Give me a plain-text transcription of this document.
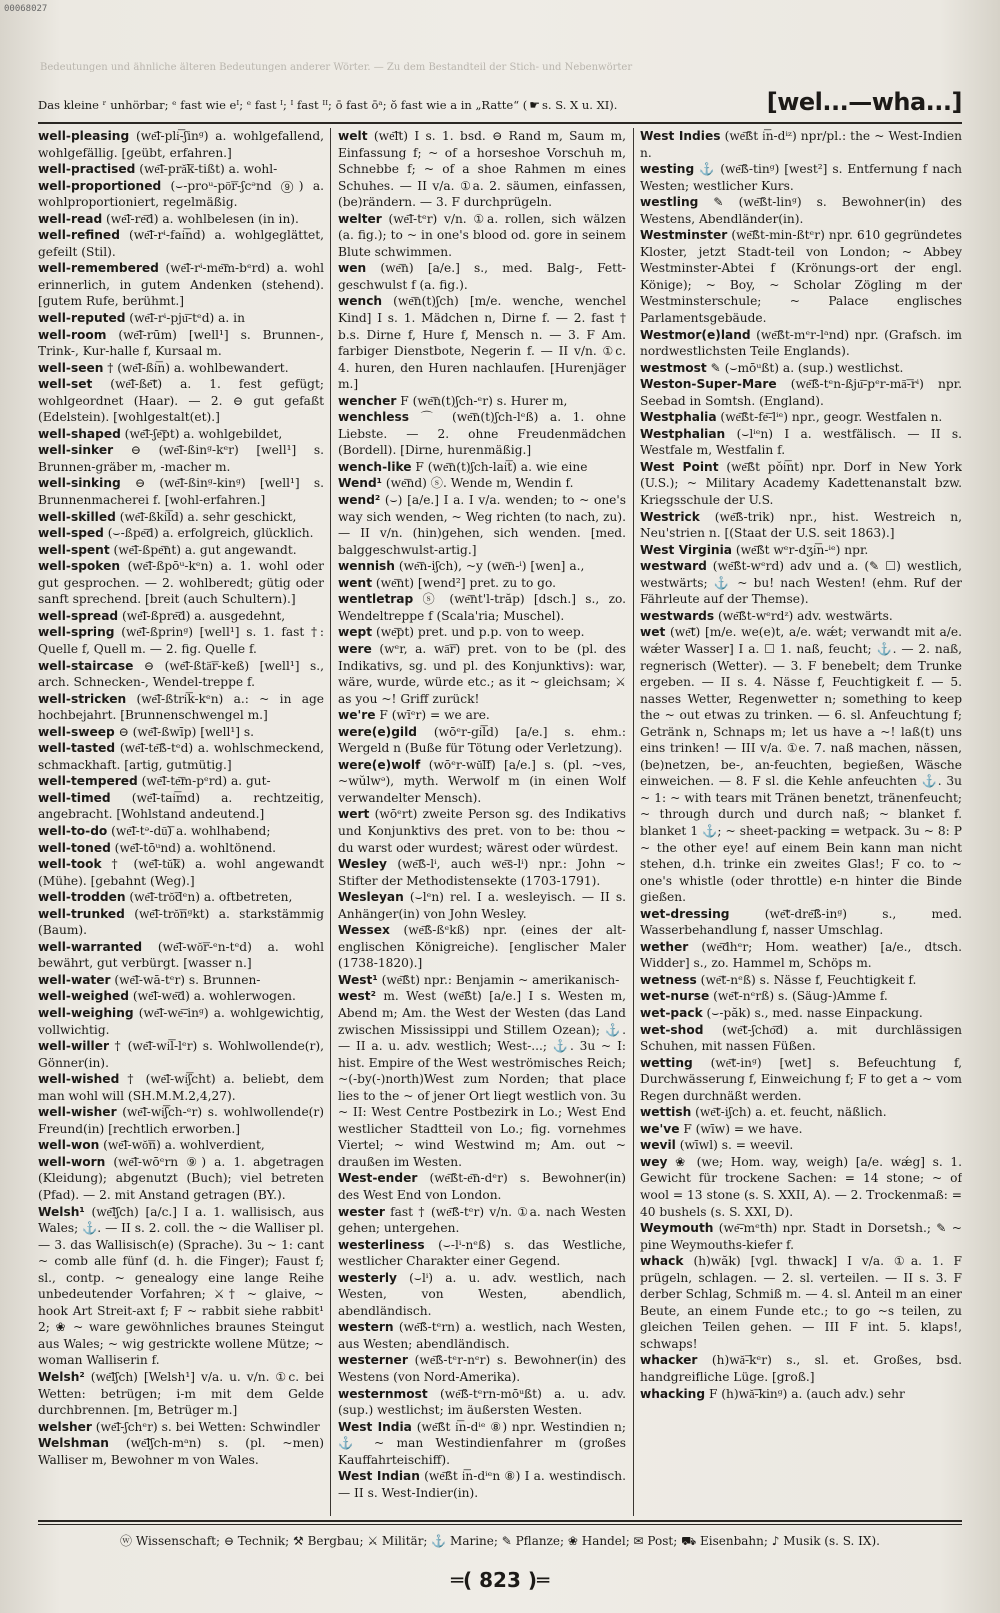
00068027
Bedeutungen und ähnliche älteren Bedeutungen anderer Wörter. — Zu dem Bestandteil der Stich- und Nebenwörter
Das kleine ʳ unhörbar; ᵉ fast wie eᴵ; ᵉ fast ᴵ; ᴵ fast ᴵᴵ; ō fast ōᵃ; ŏ fast wie a in „Ratte“ ( ☛ s. S. X u. XI).	[wel...—wha...]

well-pleasing (we͞l-pli͞-ʃinᵍ) a. wohlgefallend, wohlgefällig. [geübt, erfahren.]

well-practised (we͞l-pră͞k-tißt) a. wohl-

well-proportioned (⌣-proᵘ-pō͞r-ʃcᵊnd ⑨) a. wohlproportioniert, regelmäßig.

well-read (we͞l-re͞d) a. wohlbelesen (in in).

well-refined (we͞l-rⁱ-fai͞nd) a. wohlgeglättet, gefeilt (Stil).

well-remembered (we͞l-rⁱ-me͞m-bᵉrd) a. wohl erinnerlich, in gutem Andenken (stehend). [gutem Rufe, berühmt.]

well-reputed (we͞l-rⁱ-pju͞-tᵉd) a. in

well-room (we͞l-rūm) [well¹] s. Brunnen-, Trink-, Kur-halle f, Kursaal m.

well-seen † (we͞l-ßi͞n) a. wohlbewandert.

well-set (we͞l-ße͞t) a. 1. fest gefügt; wohlgeordnet (Haar). — 2. ⊖ gut gefaßt (Edelstein). [wohlgestalt(et).]

well-shaped (we͞l-ʃe͞pt) a. wohlgebildet,

well-sinker ⊖ (we͞l-ßinᵍ-kᵉr) [well¹] s. Brunnen-gräber m, -macher m.

well-sinking ⊖ (we͞l-ßinᵍ-kinᵍ) [well¹] s. Brunnenmacherei f. [wohl-erfahren.]

well-skilled (we͞l-ßki͞ld) a. sehr geschickt,

well-sped (⌣-ßpe͞d) a. erfolgreich, glücklich.

well-spent (we͞l-ßpe͞nt) a. gut angewandt.

well-spoken (we͞l-ßpōᵘ-kᵉn) a. 1. wohl oder gut gesprochen. — 2. wohlberedt; gütig oder sanft sprechend. [breit (auch Schultern).]

well-spread (we͞l-ßpre͞d) a. ausgedehnt,

well-spring (we͞l-ßprinᵍ) [well¹] s. 1. fast †: Quelle f, Quell m. — 2. fig. Quelle f.

well-staircase ⊖ (we͞l-ßtä͞r-keß) [well¹] s., arch. Schnecken-, Wendel-treppe f.

well-stricken (we͞l-ßtri͞k-kᵉn) a.: ~ in age hochbejahrt. [Brunnenschwengel m.]

well-sweep ⊖ (we͞l-ßwīp) [well¹] s.

well-tasted (we͞l-te͞ß-tᵉd) a. wohlschmeckend, schmackhaft. [artig, gutmütig.]

well-tempered (we͞l-te͞m-pᵉrd) a. gut-

well-timed (we͞l-tai͞md) a. rechtzeitig, angebracht. [Wohlstand andeutend.]

well-to-do (we͞l-tᵊ-dū͞) a. wohlhabend;

well-toned (we͞l-tōᵘnd) a. wohltönend.

well-took † (we͞l-tŭ͞k) a. wohl angewandt (Mühe). [gebahnt (Weg).]

well-trodden (we͞l-trŏ͞dᵉn) a. oftbetreten,

well-trunked (we͞l-trŏ͞nᵍkt) a. starkstämmig (Baum).

well-warranted (we͞l-wŏ͞r-ᵉn-tᵉd) a. wohl bewährt, gut verbürgt. [wasser n.]

well-water (we͞l-wā-tᵉr) s. Brunnen-

well-weighed (we͞l-we͞d) a. wohlerwogen.

well-weighing (we͞l-we͞-inᵍ) a. wohlgewichtig, vollwichtig.

well-willer † (we͞l-wi͞l-lᵉr) s. Wohlwollende(r), Gönner(in).

well-wished † (we͞l-wi͞ʃcht) a. beliebt, dem man wohl will (SH.M.M.2,4,27).

well-wisher (we͞l-wi͞ʃch-ᵉr) s. wohlwollende(r) Freund(in) [rechtlich erworben.]

well-won (we͞l-wŏ͞n) a. wohlverdient,

well-worn (we͞l-wōᵉrn ⑨) a. 1. abgetragen (Kleidung); abgenutzt (Buch); viel betreten (Pfad). — 2. mit Anstand getragen (BY.).

Welsh¹ (we͞lʃch) [a/c.] I a. 1. wallisisch, aus Wales; ⚓. — II s. 2. coll. the ~ die Walliser pl. — 3. das Wallisisch(e) (Sprache). 3u ~ 1: cant ~ comb alle fünf (d. h. die Finger); Faust f; sl., contp. ~ genealogy eine lange Reihe unbedeutender Vorfahren; ⚔† ~ glaive, ~ hook Art Streit-axt f; F ~ rabbit siehe rabbit¹ 2; ❀ ~ ware gewöhnliches braunes Steingut aus Wales; ~ wig gestrickte wollene Mütze; ~ woman Walliserin f.

Welsh² (we͞lʃch) [Welsh¹] v/a. u. v/n. ①c. bei Wetten: betrügen; i-m mit dem Gelde durchbrennen. [m, Betrüger m.]

welsher (we͞l-ʃchᵉr) s. bei Wetten: Schwindler

Welshman (we͞lʃch-mᵃn) s. (pl. ~men) Walliser m, Bewohner m von Wales.

welt (we͞lt) I s. 1. bsd. ⊖ Rand m, Saum m, Einfassung f; ~ of a horseshoe Vorschuh m, Schnebbe f; ~ of a shoe Rahmen m eines Schuhes. — II v/a. ①a. 2. säumen, einfassen, (be)rändern. — 3. F durchprügeln.

welter (we͞l-tᵉr) v/n. ①a. rollen, sich wälzen (a. fig.); to ~ in one's blood od. gore in seinem Blute schwimmen.

wen (we͞n) [a/e.] s., med. Balg-, Fett-geschwulst f (a. fig.).

wench (we͞n(t)ʃch) [m/e. wenche, wenchel Kind] I s. 1. Mädchen n, Dirne f. — 2. fast † b.s. Dirne f, Hure f, Mensch n. — 3. F Am. farbiger Dienstbote, Negerin f. — II v/n. ①c. 4. huren, den Huren nachlaufen. [Hurenjäger m.]

wencher F (we͞n(t)ʃch-ᵉr) s. Hurer m,

wenchless ⌒ (we͞n(t)ʃch-lᵉß) a. 1. ohne Liebste. — 2. ohne Freudenmädchen (Bordell). [Dirne, hurenmäßig.]

wench-like F (we͞n(t)ʃch-lai͞t) a. wie eine

Wend¹ (we͞nd) ⓢ. Wende m, Wendin f.

wend² (⌣) [a/e.] I a. I v/a. wenden; to ~ one's way sich wenden, ~ Weg richten (to nach, zu). — II v/n. (hin)gehen, sich wenden. [med. balggeschwulst-artig.]

wennish (we͞n-iʃch), ~y (we͞n-ⁱ) [wen] a.,

went (we͞nt) [wend²] pret. zu to go.

wentletrap ⓢ (we͞nt'l-trăp) [dsch.] s., zo. Wendeltreppe f (Scala'ria; Muschel).

wept (we͞pt) pret. und p.p. von to weep.

were (wᵉr, a. wā͞r) pret. von to be (pl. des Indikativs, sg. und pl. des Konjunktivs): war, wäre, wurde, würde etc.; as it ~ gleichsam; ⚔ as you ~! Griff zurück!

we're F (wīᵉr) = we are.

were(e)gild (wōᵉr-gi͞ld) [a/e.] s. ehm.: Wergeld n (Buße für Tötung oder Verletzung).

were(e)wolf (wōᵉr-wŭ͞lf) [a/e.] s. (pl. ~ves, ~wŭlwᵊ), myth. Werwolf m (in einen Wolf verwandelter Mensch).

wert (wōᵉrt) zweite Person sg. des Indikativs und Konjunktivs des pret. von to be: thou ~ du warst oder wurdest; wärest oder würdest.

Wesley (we͞ß-lⁱ, auch we͞s-lⁱ) npr.: John ~ Stifter der Methodistensekte (1703-1791).

Wesleyan (⌣lᵉn) rel. I a. wesleyisch. — II s. Anhänger(in) von John Wesley.

Wessex (we͞ß-ßᵉkß) npr. (eines der alt-englischen Königreiche). [englischer Maler (1738-1820).]

West¹ (we͞ßt) npr.: Benjamin ~ amerikanisch-

west² m. West (we͞ßt) [a/e.] I s. Westen m, Abend m; Am. the West der Westen (das Land zwischen Mississippi und Stillem Ozean); ⚓. — II a. u. adv. westlich; West-...; ⚓. 3u ~ I: hist. Empire of the West weströmisches Reich; ~(-by(-)north)West zum Norden; that place lies to the ~ of jener Ort liegt westlich von. 3u ~ II: West Centre Postbezirk in Lo.; West End westlicher Stadtteil von Lo.; fig. vornehmes Viertel; ~ wind Westwind m; Am. out ~ draußen im Westen.

West-ender (we͞ßt-e͞n-dᵉr) s. Bewohner(in) des West End von London.

wester fast † (we͞ß-tᵉr) v/n. ①a. nach Westen gehen; untergehen.

westerliness (⌣-lⁱ-nᵉß) s. das Westliche, westlicher Charakter einer Gegend.

westerly (⌣lⁱ) a. u. adv. westlich, nach Westen, von Westen, abendlich, abendländisch.

western (we͞ß-tᵉrn) a. westlich, nach Westen, aus Westen; abendländisch.

westerner (we͞ß-tᵉr-nᵉr) s. Bewohner(in) des Westens (von Nord-Amerika).

westernmost (we͞ß-tᵉrn-mōᵘßt) a. u. adv. (sup.) westlichst; im äußersten Westen.

West India (we͞ßt i͞n-dⁱᵉ ⑧) npr. Westindien n; ⚓ ~ man Westindienfahrer m (großes Kauffahrteischiff).

West Indian (we͞ßt i͞n-dⁱᵉn ⑧) I a. westindisch. — II s. West-Indier(in).

West Indies (we͞ßt i͞n-dⁱᶻ) npr/pl.: the ~ West-Indien n.

westing ⚓ (we͞ß-tinᵍ) [west²] s. Entfernung f nach Westen; westlicher Kurs.

westling ✎ (we͞ßt-linᵍ) s. Bewohner(in) des Westens, Abendländer(in).

Westminster (we͞ßt-min-ßtᵉr) npr. 610 gegründetes Kloster, jetzt Stadt-teil von London; ~ Abbey Westminster-Abtei f (Krönungs-ort der engl. Könige); ~ Boy, ~ Scholar Zögling m der Westminsterschule; ~ Palace englisches Parlamentsgebäude.

Westmor(e)land (we͞ßt-mᵉr-lᵃnd) npr. (Grafsch. im nordwestlichsten Teile Englands).

westmost ✎ (⌣mōᵘßt) a. (sup.) westlichst.

Weston-Super-Mare (we͞ß-tᵉn-ßju͞-pᵉr-mā͞-rⁱ) npr. Seebad in Somtsh. (England).

Westphalia (we͞ßt-fe͞-lⁱᵉ) npr., geogr. Westfalen n.

Westphalian (⌣lⁱᵉn) I a. westfälisch. — II s. Westfale m, Westfalin f.

West Point (we͞ßt pŏi͞nt) npr. Dorf in New York (U.S.); ~ Military Academy Kadettenanstalt bzw. Kriegsschule der U.S.

Westrick (we͞ß-trik) npr., hist. Westreich n, Neu'strien n. [(Staat der U.S. seit 1863).]

West Virginia (we͞ßt wᵉr-dʒi͞n-ⁱᵉ) npr.

westward (we͞ßt-wᵉrd) adv und a. (✎ ☐) westlich, westwärts; ⚓ ~ bu! nach Westen! (ehm. Ruf der Fährleute auf der Themse).

westwards (we͞ßt-wᵉrdᶻ) adv. westwärts.

wet (we͞t) [m/e. we(e)t, a/e. wǽt; verwandt mit a/e. wǽter Wasser] I a. ☐ 1. naß, feucht; ⚓. — 2. naß, regnerisch (Wetter). — 3. F benebelt; dem Trunke ergeben. — II s. 4. Nässe f, Feuchtigkeit f. — 5. nasses Wetter, Regenwetter n; something to keep the ~ out etwas zu trinken. — 6. sl. Anfeuchtung f; Getränk n, Schnaps m; let us have a ~! laß(t) uns eins trinken! — III v/a. ①e. 7. naß machen, nässen, (be)netzen, be-, an-feuchten, begießen, Wäsche einweichen. — 8. F sl. die Kehle anfeuchten ⚓. 3u ~ 1: ~ with tears mit Tränen benetzt, tränenfeucht; ~ through durch und durch naß; ~ blanket f. blanket 1 ⚓; ~ sheet-packing = wetpack. 3u ~ 8: P ~ the other eye! auf einem Bein kann man nicht stehen, d.h. trinke ein zweites Glas!; F co. to ~ one's whistle (oder throttle) e-n hinter die Binde gießen.

wet-dressing (we͞t-dre͞ß-inᵍ) s., med. Wasserbehandlung f, nasser Umschlag.

wether (we͞dhᵉr; Hom. weather) [a/e., dtsch. Widder] s., zo. Hammel m, Schöps m.

wetness (we͞t-nᵉß) s. Nässe f, Feuchtigkeit f.

wet-nurse (we͞t-nᵉrß) s. (Säug-)Amme f.

wet-pack (⌣-păk) s., med. nasse Einpackung.

wet-shod (we͞t-ʃcho͞d) a. mit durchlässigen Schuhen, mit nassen Füßen.

wetting (we͞t-inᵍ) [wet] s. Befeuchtung f, Durchwässerung f, Einweichung f; F to get a ~ vom Regen durchnäßt werden.

wettish (we͞t-iʃch) a. et. feucht, näßlich.

we've F (wīw) = we have.

wevil (wīwl) s. = weevil.

wey ❀ (we; Hom. way, weigh) [a/e. wǽg] s. 1. Gewicht für trockene Sachen: = 14 stone; ~ of wool = 13 stone (s. S. XXII, A). — 2. Trockenmaß: = 40 bushels (s. S. XXI, D).

Weymouth (we͞-mᵉth) npr. Stadt in Dorsetsh.; ✎ ~ pine Weymouths-kiefer f.

whack (h)wăk) [vgl. thwack] I v/a. ①a. 1. F prügeln, schlagen. — 2. sl. verteilen. — II s. 3. F derber Schlag, Schmiß m. — 4. sl. Anteil m an einer Beute, an einem Funde etc.; to go ~s teilen, zu gleichen Teilen gehen. — III F int. 5. klaps!, schwaps!

whacker (h)wă͞-kᵉr) s., sl. et. Großes, bsd. handgreifliche Lüge. [groß.]

whacking F (h)wă͞-kinᵍ) a. (auch adv.) sehr

ⓦ Wissenschaft; ⊖ Technik; ⚒ Bergbau; ⚔ Militär; ⚓ Marine; ✎ Pflanze; ❀ Handel; ✉ Post; ⛟ Eisenbahn; ♪ Musik (s. S. IX).
═( 823 )═
